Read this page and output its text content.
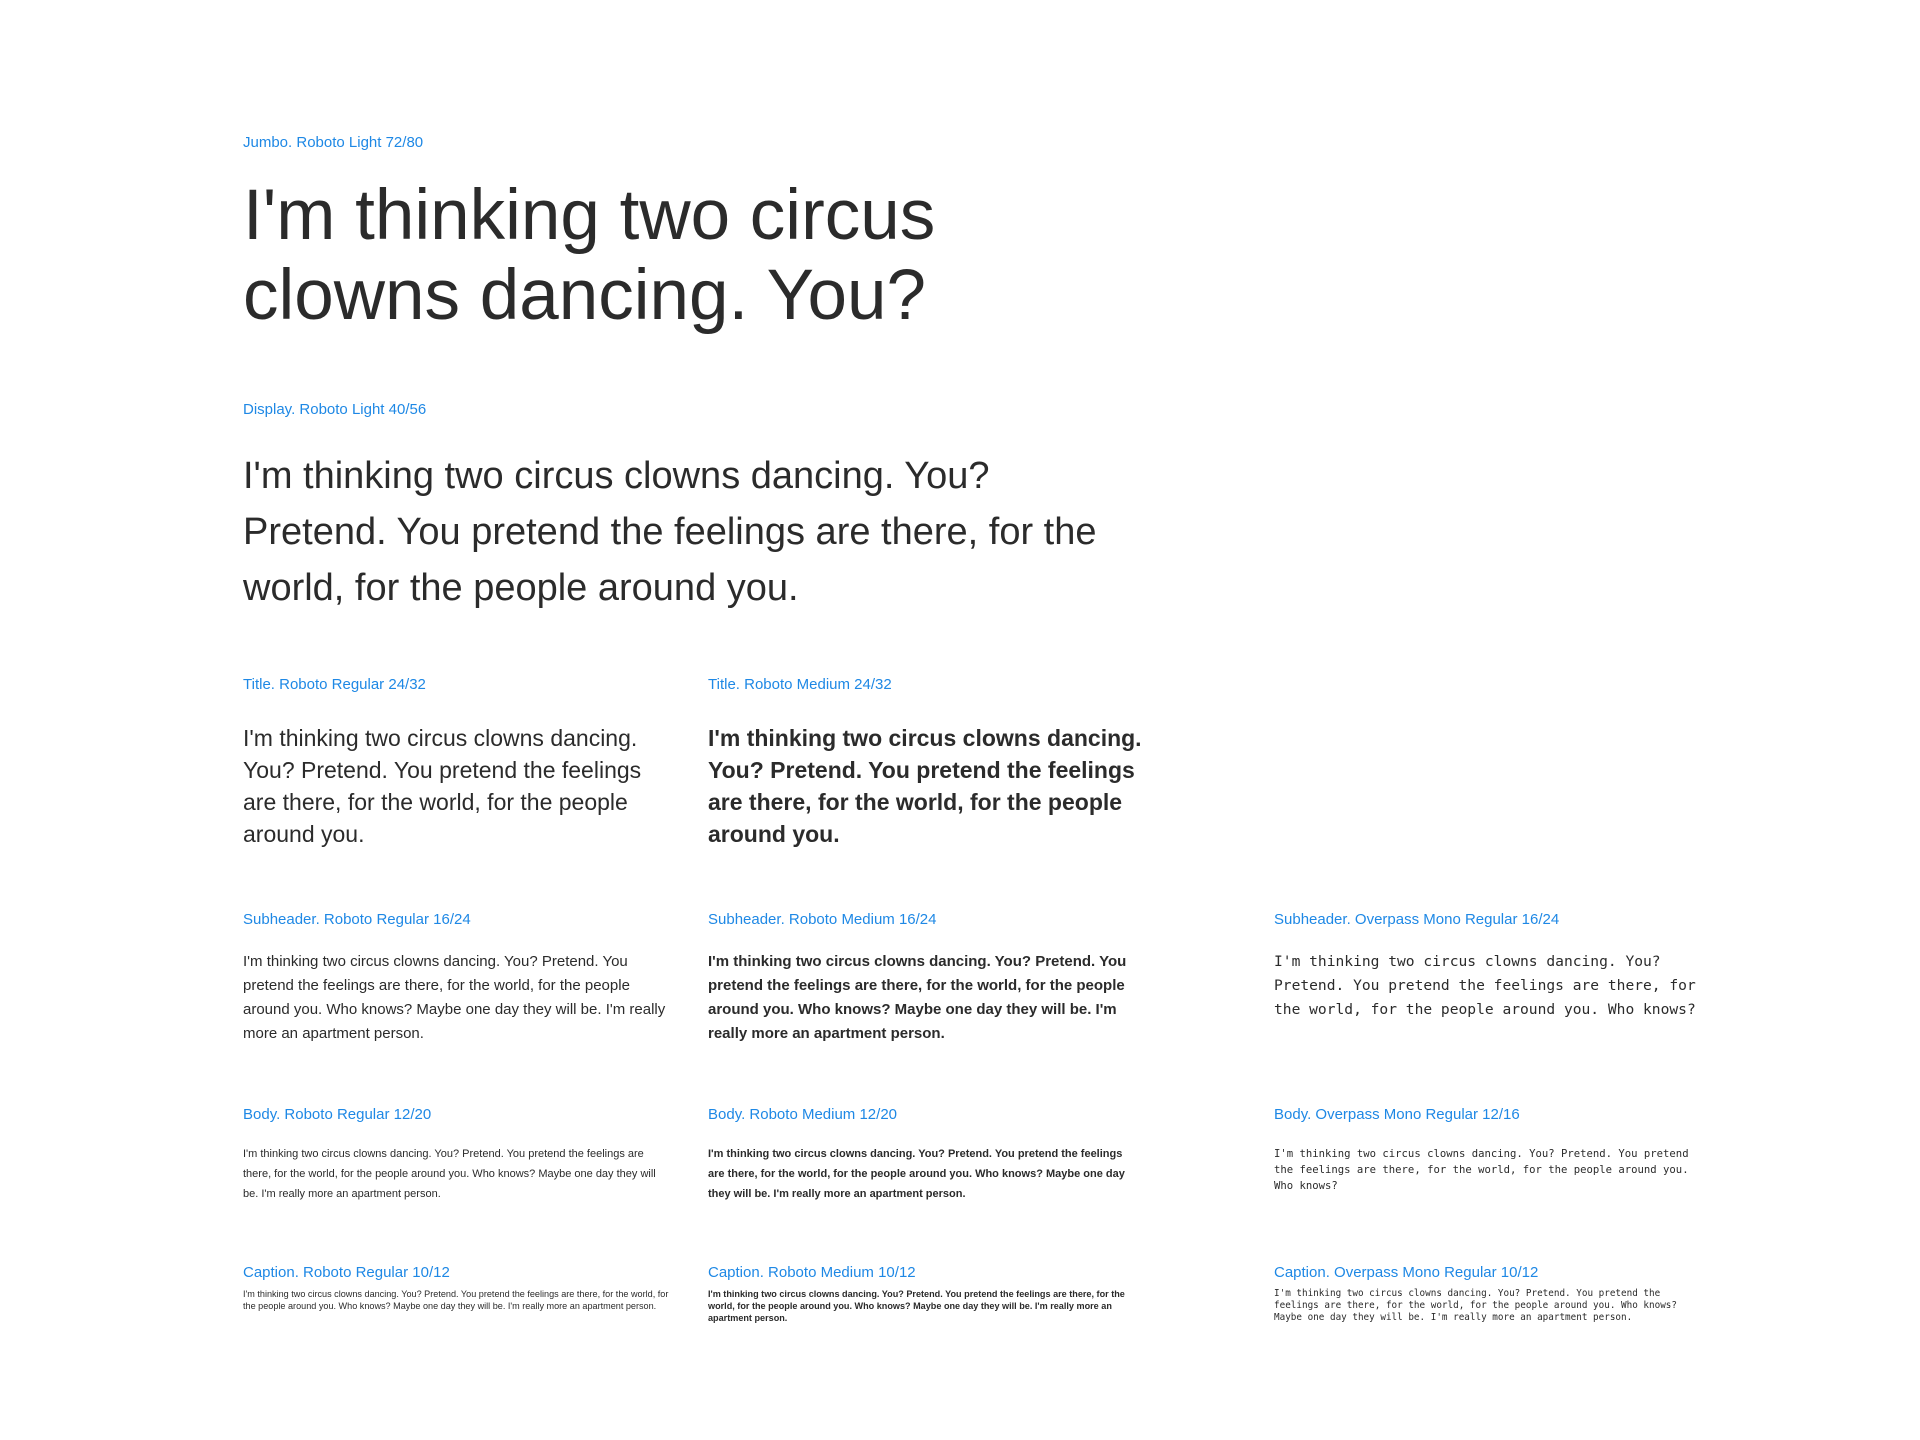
Jumbo. Roboto Light 72/80

I'm thinking two circus clowns dancing. You?

Display. Roboto Light 40/56

I'm thinking two circus clowns dancing. You? Pretend. You pretend the feelings are there, for the world, for the people around you.

Title. Roboto Regular 24/32

I'm thinking two circus clowns dancing. You? Pretend. You pretend the feelings are there, for the world, for the people around you.

Title. Roboto Medium 24/32

I'm thinking two circus clowns dancing. You? Pretend. You pretend the feelings are there, for the world, for the people around you.

Subheader. Roboto Regular 16/24

I'm thinking two circus clowns dancing. You? Pretend. You pretend the feelings are there, for the world, for the people around you. Who knows? Maybe one day they will be. I'm really more an apartment person.

Subheader. Roboto Medium 16/24

I'm thinking two circus clowns dancing. You? Pretend. You pretend the feelings are there, for the world, for the people around you. Who knows? Maybe one day they will be. I'm really more an apartment person.

Subheader. Overpass Mono Regular 16/24

I'm thinking two circus clowns dancing. You? Pretend. You pretend the feelings are there, for the world, for the people around you. Who knows?

Body. Roboto Regular 12/20

I'm thinking two circus clowns dancing. You? Pretend. You pretend the feelings are there, for the world, for the people around you. Who knows? Maybe one day they will be. I'm really more an apartment person.

Body. Roboto Medium 12/20

I'm thinking two circus clowns dancing. You? Pretend. You pretend the feelings are there, for the world, for the people around you. Who knows? Maybe one day they will be. I'm really more an apartment person.

Body. Overpass Mono Regular 12/16

I'm thinking two circus clowns dancing. You? Pretend. You pretend the feelings are there, for the world, for the people around you. Who knows?

Caption. Roboto Regular 10/12

I'm thinking two circus clowns dancing. You? Pretend. You pretend the feelings are there, for the world, for the people around you. Who knows? Maybe one day they will be. I'm really more an apartment person.

Caption. Roboto Medium 10/12

I'm thinking two circus clowns dancing. You? Pretend. You pretend the feelings are there, for the world, for the people around you. Who knows? Maybe one day they will be. I'm really more an apartment person.

Caption. Overpass Mono Regular 10/12

I'm thinking two circus clowns dancing. You? Pretend. You pretend the feelings are there, for the world, for the people around you. Who knows? Maybe one day they will be. I'm really more an apartment person.
